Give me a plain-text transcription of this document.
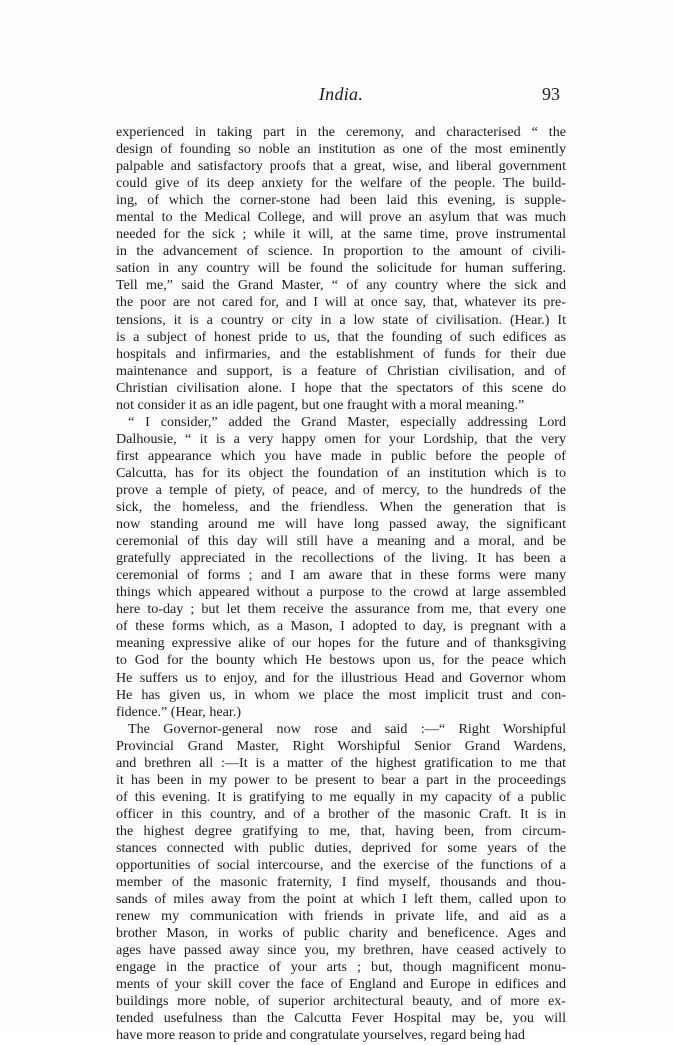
India.	93
experienced in taking part in the ceremony, and characterised “ the
design of founding so noble an institution as one of the most eminently
palpable and satisfactory proofs that a great, wise, and liberal government
could give of its deep anxiety for the welfare of the people. The build-
ing, of which the corner-stone had been laid this evening, is supple-
mental to the Medical College, and will prove an asylum that was much
needed for the sick ; while it will, at the same time, prove instrumental
in the advancement of science. In proportion to the amount of civili-
sation in any country will be found the solicitude for human suffering.
Tell me,” said the Grand Master, “ of any country where the sick and
the poor are not cared for, and I will at once say, that, whatever its pre-
tensions, it is a country or city in a low state of civilisation. (Hear.) It
is a subject of honest pride to us, that the founding of such edifices as
hospitals and infirmaries, and the establishment of funds for their due
maintenance and support, is a feature of Christian civilisation, and of
Christian civilisation alone. I hope that the spectators of this scene do
not consider it as an idle pagent, but one fraught with a moral meaning.”
“ I consider,” added the Grand Master, especially addressing Lord
Dalhousie, “ it is a very happy omen for your Lordship, that the very
first appearance which you have made in public before the people of
Calcutta, has for its object the foundation of an institution which is to
prove a temple of piety, of peace, and of mercy, to the hundreds of the
sick, the homeless, and the friendless. When the generation that is
now standing around me will have long passed away, the significant
ceremonial of this day will still have a meaning and a moral, and be
gratefully appreciated in the recollections of the living. It has been a
ceremonial of forms ; and I am aware that in these forms were many
things which appeared without a purpose to the crowd at large assembled
here to-day ; but let them receive the assurance from me, that every one
of these forms which, as a Mason, I adopted to day, is pregnant with a
meaning expressive alike of our hopes for the future and of thanksgiving
to God for the bounty which He bestows upon us, for the peace which
He suffers us to enjoy, and for the illustrious Head and Governor whom
He has given us, in whom we place the most implicit trust and con-
fidence.” (Hear, hear.)
The Governor-general now rose and said :—“ Right Worshipful
Provincial Grand Master, Right Worshipful Senior Grand Wardens,
and brethren all :—It is a matter of the highest gratification to me that
it has been in my power to be present to bear a part in the proceedings
of this evening. It is gratifying to me equally in my capacity of a public
officer in this country, and of a brother of the masonic Craft. It is in
the highest degree gratifying to me, that, having been, from circum-
stances connected with public duties, deprived for some years of the
opportunities of social intercourse, and the exercise of the functions of a
member of the masonic fraternity, I find myself, thousands and thou-
sands of miles away from the point at which I left them, called upon to
renew my communication with friends in private life, and aid as a
brother Mason, in works of public charity and beneficence. Ages and
ages have passed away since you, my brethren, have ceased actively to
engage in the practice of your arts ; but, though magnificent monu-
ments of your skill cover the face of England and Europe in edifices and
buildings more noble, of superior architectural beauty, and of more ex-
tended usefulness than the Calcutta Fever Hospital may be, you will
have more reason to pride and congratulate yourselves, regard being had
